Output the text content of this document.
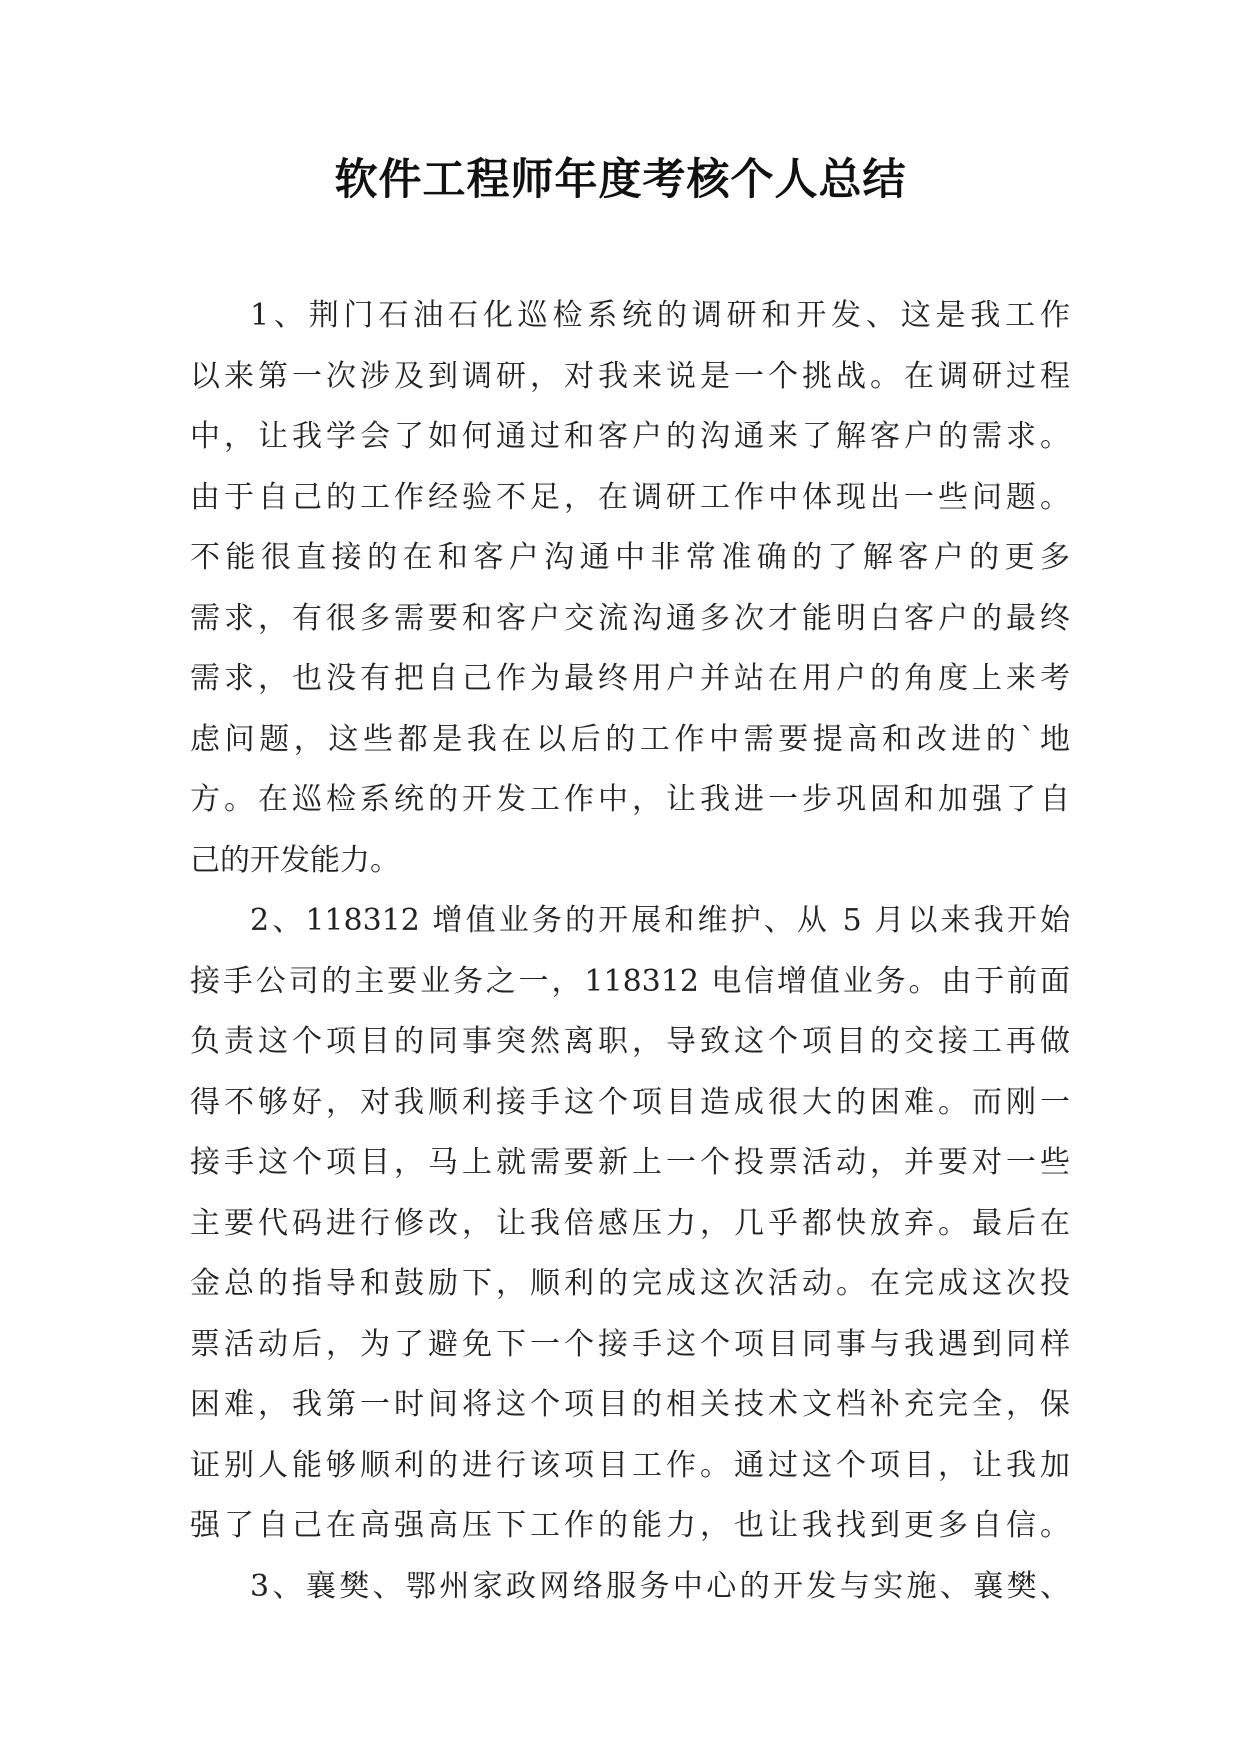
软件工程师年度考核个人总结
1、荆门石油石化巡检系统的调研和开发、这是我工作
以来第一次涉及到调研，对我来说是一个挑战。在调研过程
中，让我学会了如何通过和客户的沟通来了解客户的需求。
由于自己的工作经验不足，在调研工作中体现出一些问题。
不能很直接的在和客户沟通中非常准确的了解客户的更多
需求，有很多需要和客户交流沟通多次才能明白客户的最终
需求，也没有把自己作为最终用户并站在用户的角度上来考
虑问题，这些都是我在以后的工作中需要提高和改进的`地
方。在巡检系统的开发工作中，让我进一步巩固和加强了自
己的开发能力。
2、118312 增值业务的开展和维护、从 5 月以来我开始
接手公司的主要业务之一，118312 电信增值业务。由于前面
负责这个项目的同事突然离职，导致这个项目的交接工再做
得不够好，对我顺利接手这个项目造成很大的困难。而刚一
接手这个项目，马上就需要新上一个投票活动，并要对一些
主要代码进行修改，让我倍感压力，几乎都快放弃。最后在
金总的指导和鼓励下，顺利的完成这次活动。在完成这次投
票活动后，为了避免下一个接手这个项目同事与我遇到同样
困难，我第一时间将这个项目的相关技术文档补充完全，保
证别人能够顺利的进行该项目工作。通过这个项目，让我加
强了自己在高强高压下工作的能力，也让我找到更多自信。
3、襄樊、鄂州家政网络服务中心的开发与实施、襄樊、
